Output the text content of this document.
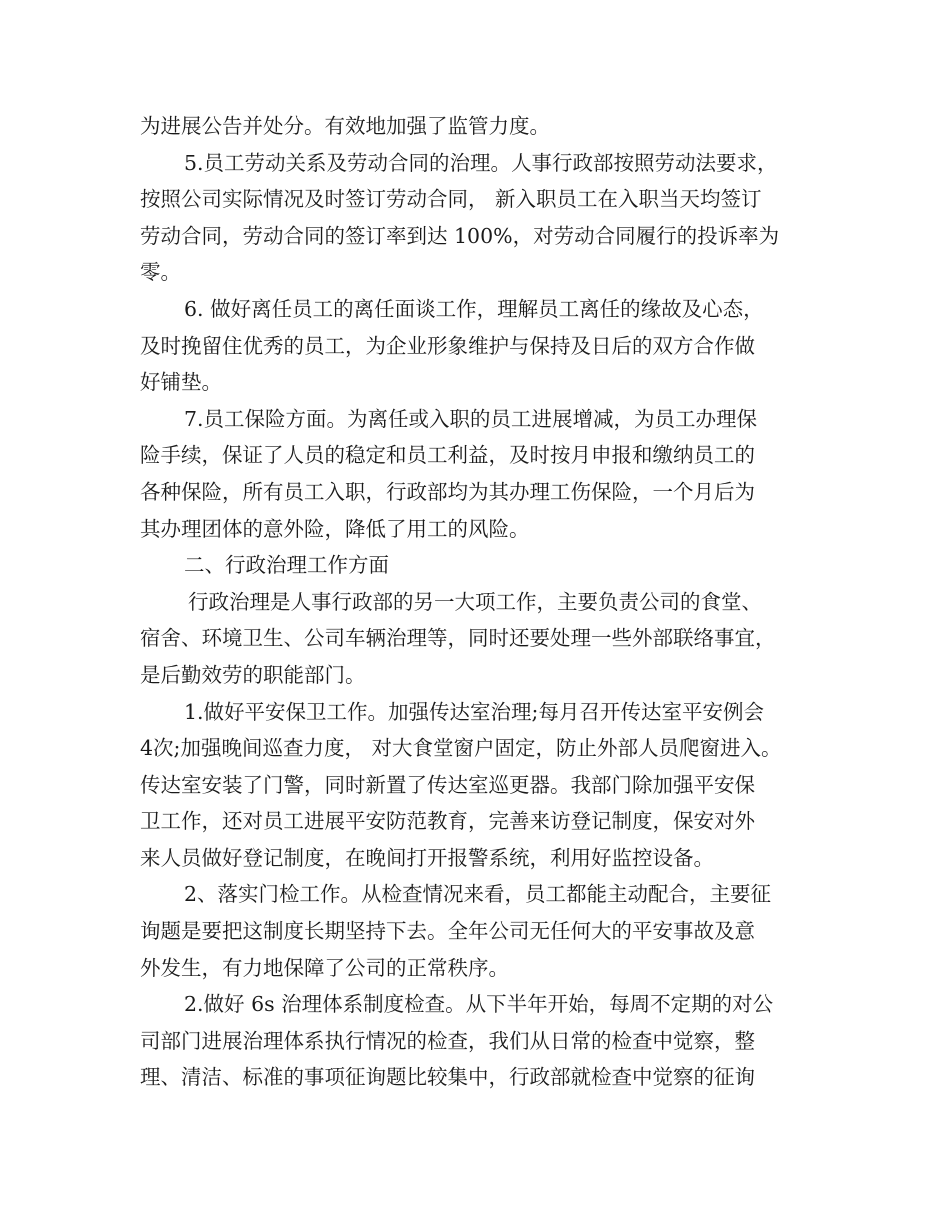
为进展公告并处分。有效地加强了监管力度。
5.员工劳动关系及劳动合同的治理。人事行政部按照劳动法要求，
按照公司实际情况及时签订劳动合同， 新入职员工在入职当天均签订
劳动合同，劳动合同的签订率到达 100%，对劳动合同履行的投诉率为
零。
6. 做好离任员工的离任面谈工作，理解员工离任的缘故及心态，
及时挽留住优秀的员工，为企业形象维护与保持及日后的双方合作做
好铺垫。
7.员工保险方面。为离任或入职的员工进展增减，为员工办理保
险手续，保证了人员的稳定和员工利益，及时按月申报和缴纳员工的
各种保险，所有员工入职，行政部均为其办理工伤保险，一个月后为
其办理团体的意外险，降低了用工的风险。
二、行政治理工作方面
行政治理是人事行政部的另一大项工作，主要负责公司的食堂、
宿舍、环境卫生、公司车辆治理等，同时还要处理一些外部联络事宜，
是后勤效劳的职能部门。
1.做好平安保卫工作。加强传达室治理;每月召开传达室平安例会
4次;加强晚间巡查力度， 对大食堂窗户固定，防止外部人员爬窗进入。
传达室安装了门警，同时新置了传达室巡更器。我部门除加强平安保
卫工作，还对员工进展平安防范教育，完善来访登记制度，保安对外
来人员做好登记制度，在晚间打开报警系统，利用好监控设备。
2、落实门检工作。从检查情况来看，员工都能主动配合，主要征
询题是要把这制度长期坚持下去。全年公司无任何大的平安事故及意
外发生，有力地保障了公司的正常秩序。
2.做好 6s 治理体系制度检查。从下半年开始，每周不定期的对公
司部门进展治理体系执行情况的检查，我们从日常的检查中觉察，整
理、清洁、标准的事项征询题比较集中，行政部就检查中觉察的征询
